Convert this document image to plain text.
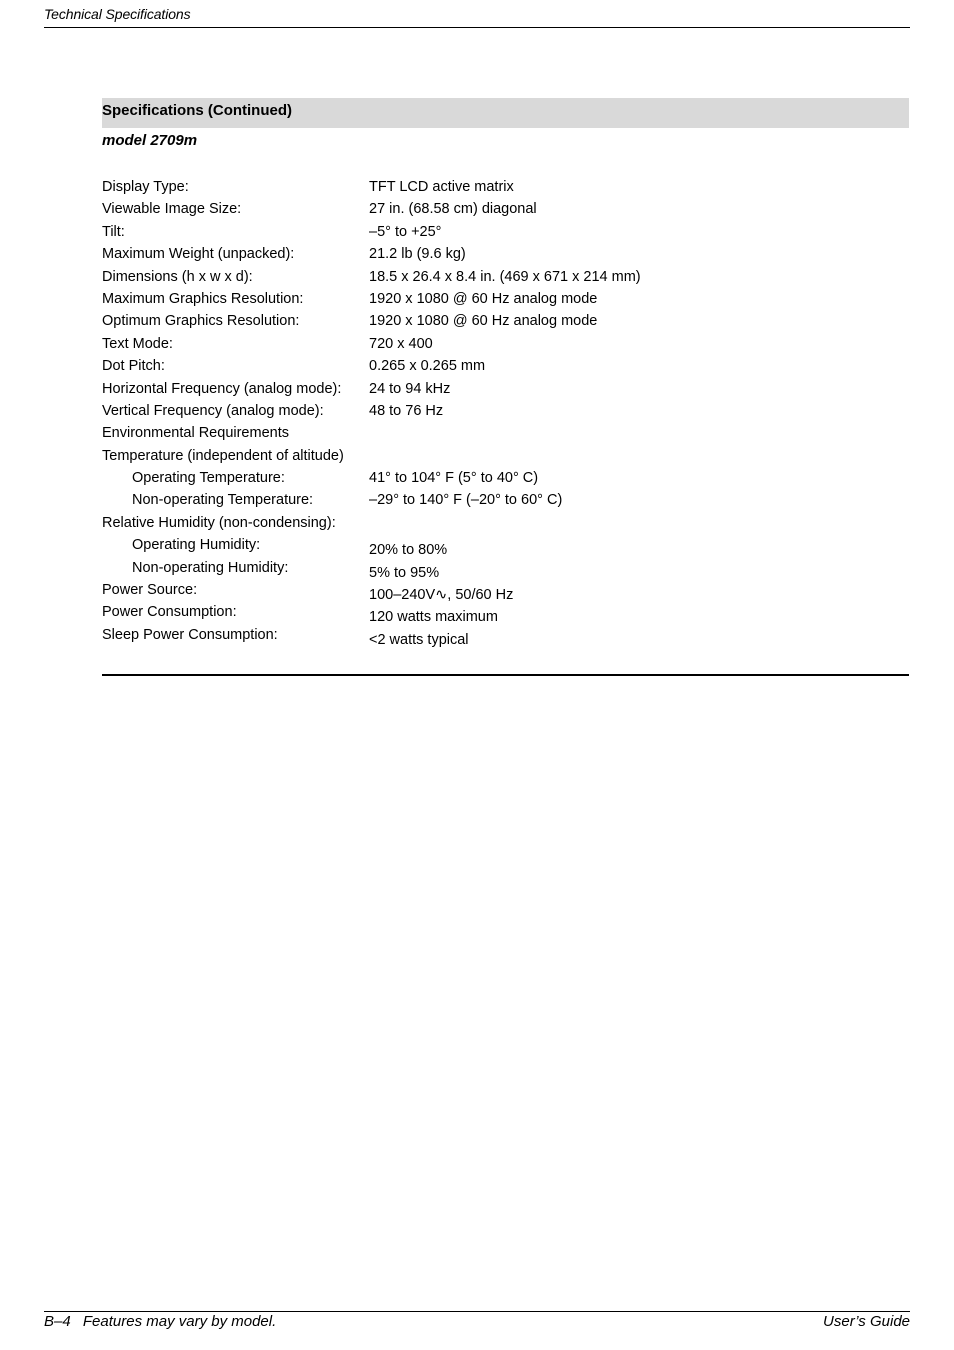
Technical Specifications
Specifications (Continued)
model 2709m
Display Type:	TFT LCD active matrix
Viewable Image Size:	27 in. (68.58 cm) diagonal
Tilt:	–5° to +25°
Maximum Weight (unpacked):	21.2 lb (9.6 kg)
Dimensions (h x w x d):	18.5 x 26.4 x 8.4 in. (469 x 671 x 214 mm)
Maximum Graphics Resolution:	1920 x 1080 @ 60 Hz analog mode
Optimum Graphics Resolution:	1920 x 1080 @ 60 Hz analog mode
Text Mode:	720 x 400
Dot Pitch:	0.265 x 0.265 mm
Horizontal Frequency (analog mode):	24 to 94 kHz
Vertical Frequency (analog mode):	48 to 76 Hz
Environmental Requirements
Temperature (independent of altitude)
Operating Temperature:	41° to 104° F (5° to 40° C)
Non-operating Temperature:	–29° to 140° F (–20° to 60° C)
Relative Humidity (non-condensing):
Operating Humidity:	20% to 80%
Non-operating Humidity:	5% to 95%
Power Source:	100–240V∿, 50/60 Hz
Power Consumption:	120 watts maximum
Sleep Power Consumption:	<2 watts typical
B–4 Features may vary by model.	User’s Guide
